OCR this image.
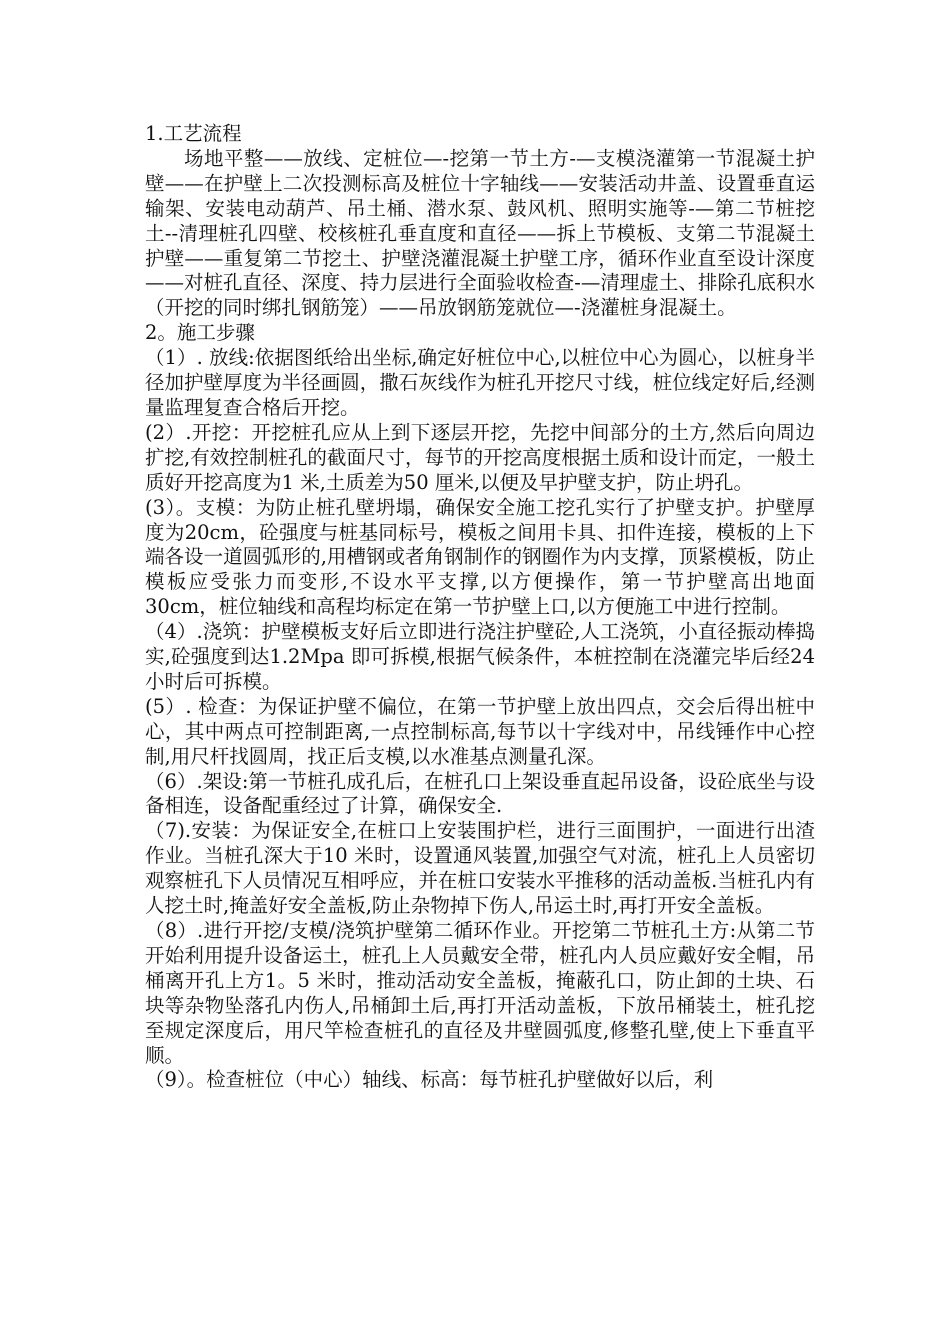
1.工艺流程

场地平整——放线、定桩位—-挖第一节土方-—支模浇灌第一节混凝土护壁——在护壁上二次投测标高及桩位十字轴线——安装活动井盖、设置垂直运输架、安装电动葫芦、吊土桶、潜水泵、鼓风机、照明实施等-—第二节桩挖土--清理桩孔四壁、校核桩孔垂直度和直径——拆上节模板、支第二节混凝土护壁——重复第二节挖土、护壁浇灌混凝土护壁工序，循环作业直至设计深度——对桩孔直径、深度、持力层进行全面验收检查-—清理虚土、排除孔底积水（开挖的同时绑扎钢筋笼）——吊放钢筋笼就位—-浇灌桩身混凝土。

2。施工步骤

（1）. 放线:依据图纸给出坐标,确定好桩位中心,以桩位中心为圆心，以桩身半径加护壁厚度为半径画圆，撒石灰线作为桩孔开挖尺寸线，桩位线定好后,经测量监理复查合格后开挖。

(2）.开挖：开挖桩孔应从上到下逐层开挖，先挖中间部分的土方,然后向周边扩挖,有效控制桩孔的截面尺寸，每节的开挖高度根据土质和设计而定，一般土质好开挖高度为1 米,土质差为50 厘米,以便及早护壁支护，防止坍孔。

(3）。支模：为防止桩孔壁坍塌，确保安全施工挖孔实行了护壁支护。护壁厚度为20cm，砼强度与桩基同标号，模板之间用卡具、扣件连接，模板的上下端各设一道圆弧形的,用槽钢或者角钢制作的钢圈作为内支撑，顶紧模板，防止模板应受张力而变形,不设水平支撑,以方便操作，第一节护壁高出地面30cm，桩位轴线和高程均标定在第一节护壁上口,以方便施工中进行控制。

（4）.浇筑：护壁模板支好后立即进行浇注护壁砼,人工浇筑，小直径振动棒捣实,砼强度到达1.2Mpa 即可拆模,根据气候条件，本桩控制在浇灌完毕后经24 小时后可拆模。

(5）. 检查：为保证护壁不偏位，在第一节护壁上放出四点，交会后得出桩中心，其中两点可控制距离,一点控制标高,每节以十字线对中，吊线锤作中心控制,用尺杆找圆周，找正后支模,以水准基点测量孔深。

（6）.架设:第一节桩孔成孔后，在桩孔口上架设垂直起吊设备，设砼底坐与设备相连，设备配重经过了计算，确保安全.

（7).安装：为保证安全,在桩口上安装围护栏，进行三面围护，一面进行出渣作业。当桩孔深大于10 米时，设置通风装置,加强空气对流，桩孔上人员密切观察桩孔下人员情况互相呼应，并在桩口安装水平推移的活动盖板.当桩孔内有人挖土时,掩盖好安全盖板,防止杂物掉下伤人,吊运土时,再打开安全盖板。

（8）.进行开挖/支模/浇筑护壁第二循环作业。开挖第二节桩孔土方:从第二节开始利用提升设备运土，桩孔上人员戴安全带，桩孔内人员应戴好安全帽，吊桶离开孔上方1。5 米时，推动活动安全盖板，掩蔽孔口，防止卸的土块、石块等杂物坠落孔内伤人,吊桶卸土后,再打开活动盖板，下放吊桶装土，桩孔挖至规定深度后，用尺竿检查桩孔的直径及井壁圆弧度,修整孔壁,使上下垂直平顺。

（9）。检查桩位（中心）轴线、标高：每节桩孔护壁做好以后，利
